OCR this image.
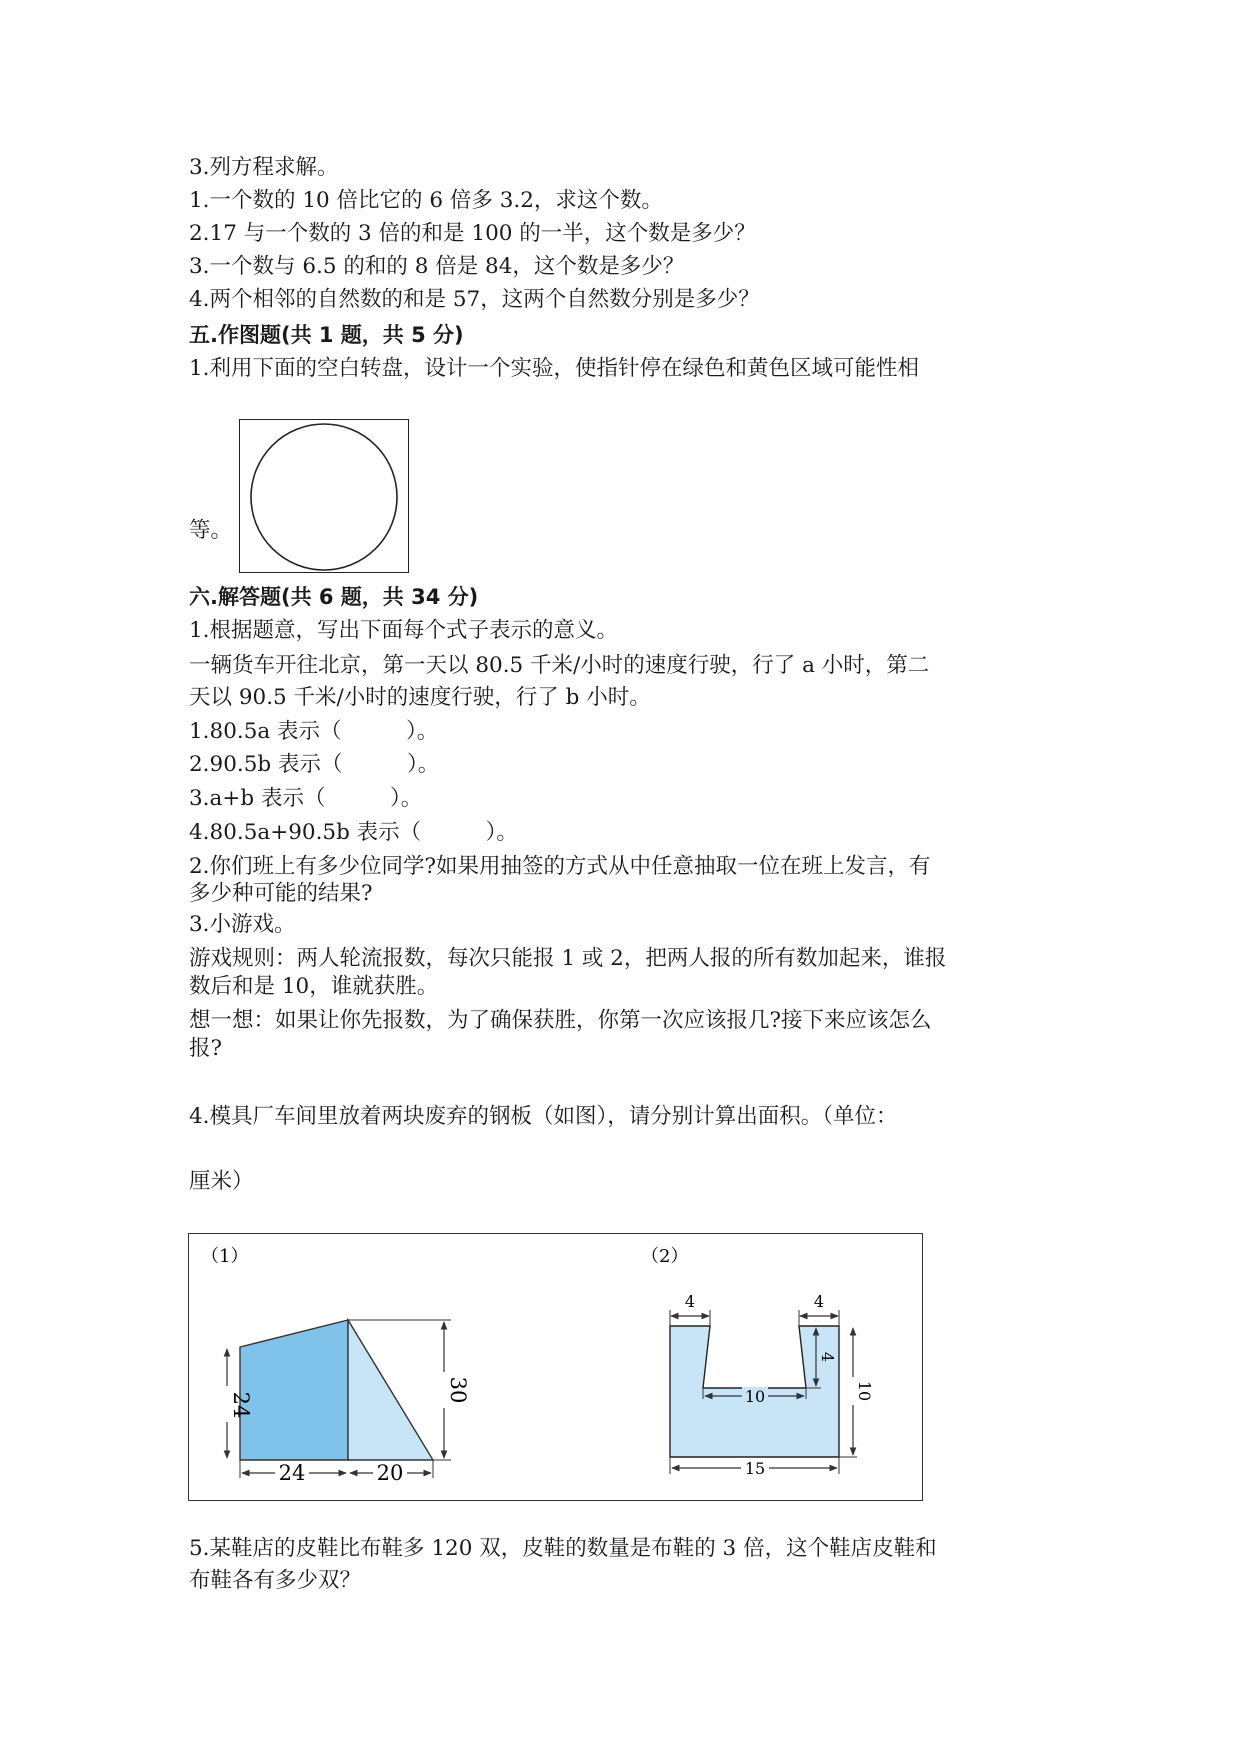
3.列方程求解。
1.一个数的 10 倍比它的 6 倍多 3.2，求这个数。
2.17 与一个数的 3 倍的和是 100 的一半，这个数是多少？
3.一个数与 6.5 的和的 8 倍是 84，这个数是多少？
4.两个相邻的自然数的和是 57，这两个自然数分别是多少？
五.作图题(共 1 题，共 5 分)
1.利用下面的空白转盘，设计一个实验，使指针停在绿色和黄色区域可能性相
等。
六.解答题(共 6 题，共 34 分)
1.根据题意，写出下面每个式子表示的意义。
一辆货车开往北京，第一天以 80.5 千米/小时的速度行驶，行了 a 小时，第二
天以 90.5 千米/小时的速度行驶，行了 b 小时。
1.80.5a 表示（　　　）。
2.90.5b 表示（　　　）。
3.a+b 表示（　　　）。
4.80.5a+90.5b 表示（　　　）。
2.你们班上有多少位同学?如果用抽签的方式从中任意抽取一位在班上发言，有
多少种可能的结果?
3.小游戏。
游戏规则：两人轮流报数，每次只能报 1 或 2，把两人报的所有数加起来，谁报
数后和是 10，谁就获胜。
想一想：如果让你先报数，为了确保获胜，你第一次应该报几?接下来应该怎么
报?
4.模具厂车间里放着两块废弃的钢板（如图），请分别计算出面积。（单位：
厘米）
（1）	（2）
24
30
24	20
4	4
4
10	10
15
5.某鞋店的皮鞋比布鞋多 120 双，皮鞋的数量是布鞋的 3 倍，这个鞋店皮鞋和
布鞋各有多少双？
